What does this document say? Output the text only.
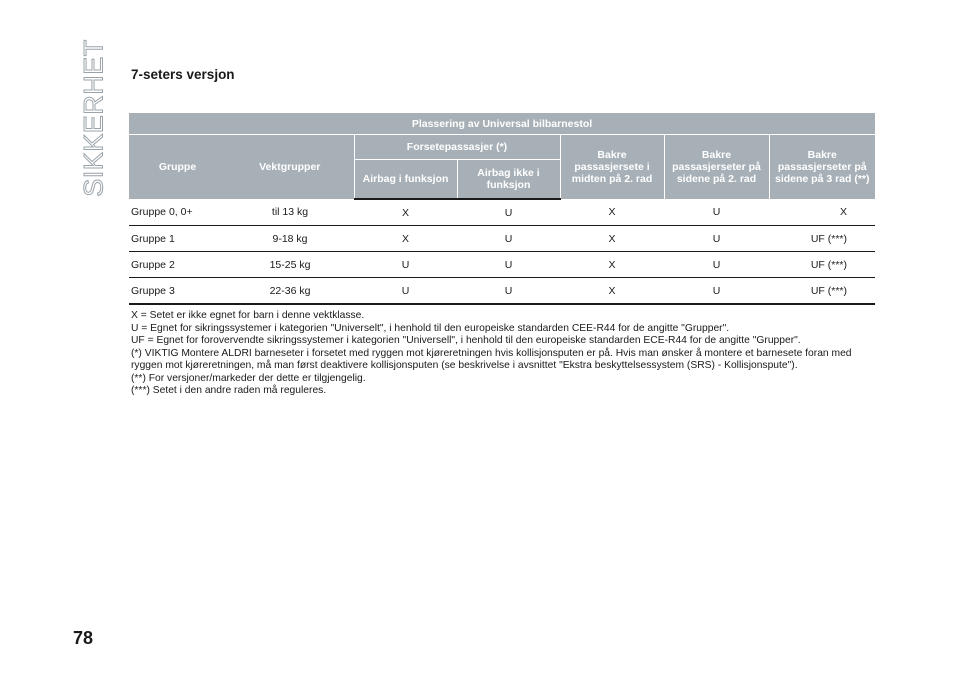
SIKKERHET 7-seters versjon
Plassering av Universal bilbarnestol						
Gruppe	Vektgrupper	Forsetepassasjer (*)		Bakre passasjersete i midten på 2. rad	Bakre passasjerseter på sidene på 2. rad	Bakre passasjerseter på sidene på 3 rad (**)
		Airbag i funksjon	Airbag ikke i funksjon			
Gruppe 0, 0+	til 13 kg	X	U	X	U	X
Gruppe 1	9-18 kg	X	U	X	U	UF (***)
Gruppe 2	15-25 kg	U	U	X	U	UF (***)
Gruppe 3	22-36 kg	U	U	X	U	UF (***)

X = Setet er ikke egnet for barn i denne vektklasse.

U = Egnet for sikringssystemer i kategorien "Universelt", i henhold til den europeiske standarden CEE-R44 for de angitte "Grupper".

UF = Egnet for forovervendte sikringssystemer i kategorien "Universell", i henhold til den europeiske standarden ECE-R44 for de angitte "Grupper".

(*) VIKTIG Montere ALDRI barneseter i forsetet med ryggen mot kjøreretningen hvis kollisjonsputen er på. Hvis man ønsker å montere et barnesete foran med ryggen mot kjøreretningen, må man først deaktivere kollisjonsputen (se beskrivelse i avsnittet "Ekstra beskyttelsessystem (SRS) - Kollisjonspute").

(**) For versjoner/markeder der dette er tilgjengelig.

(***) Setet i den andre raden må reguleres.

78
